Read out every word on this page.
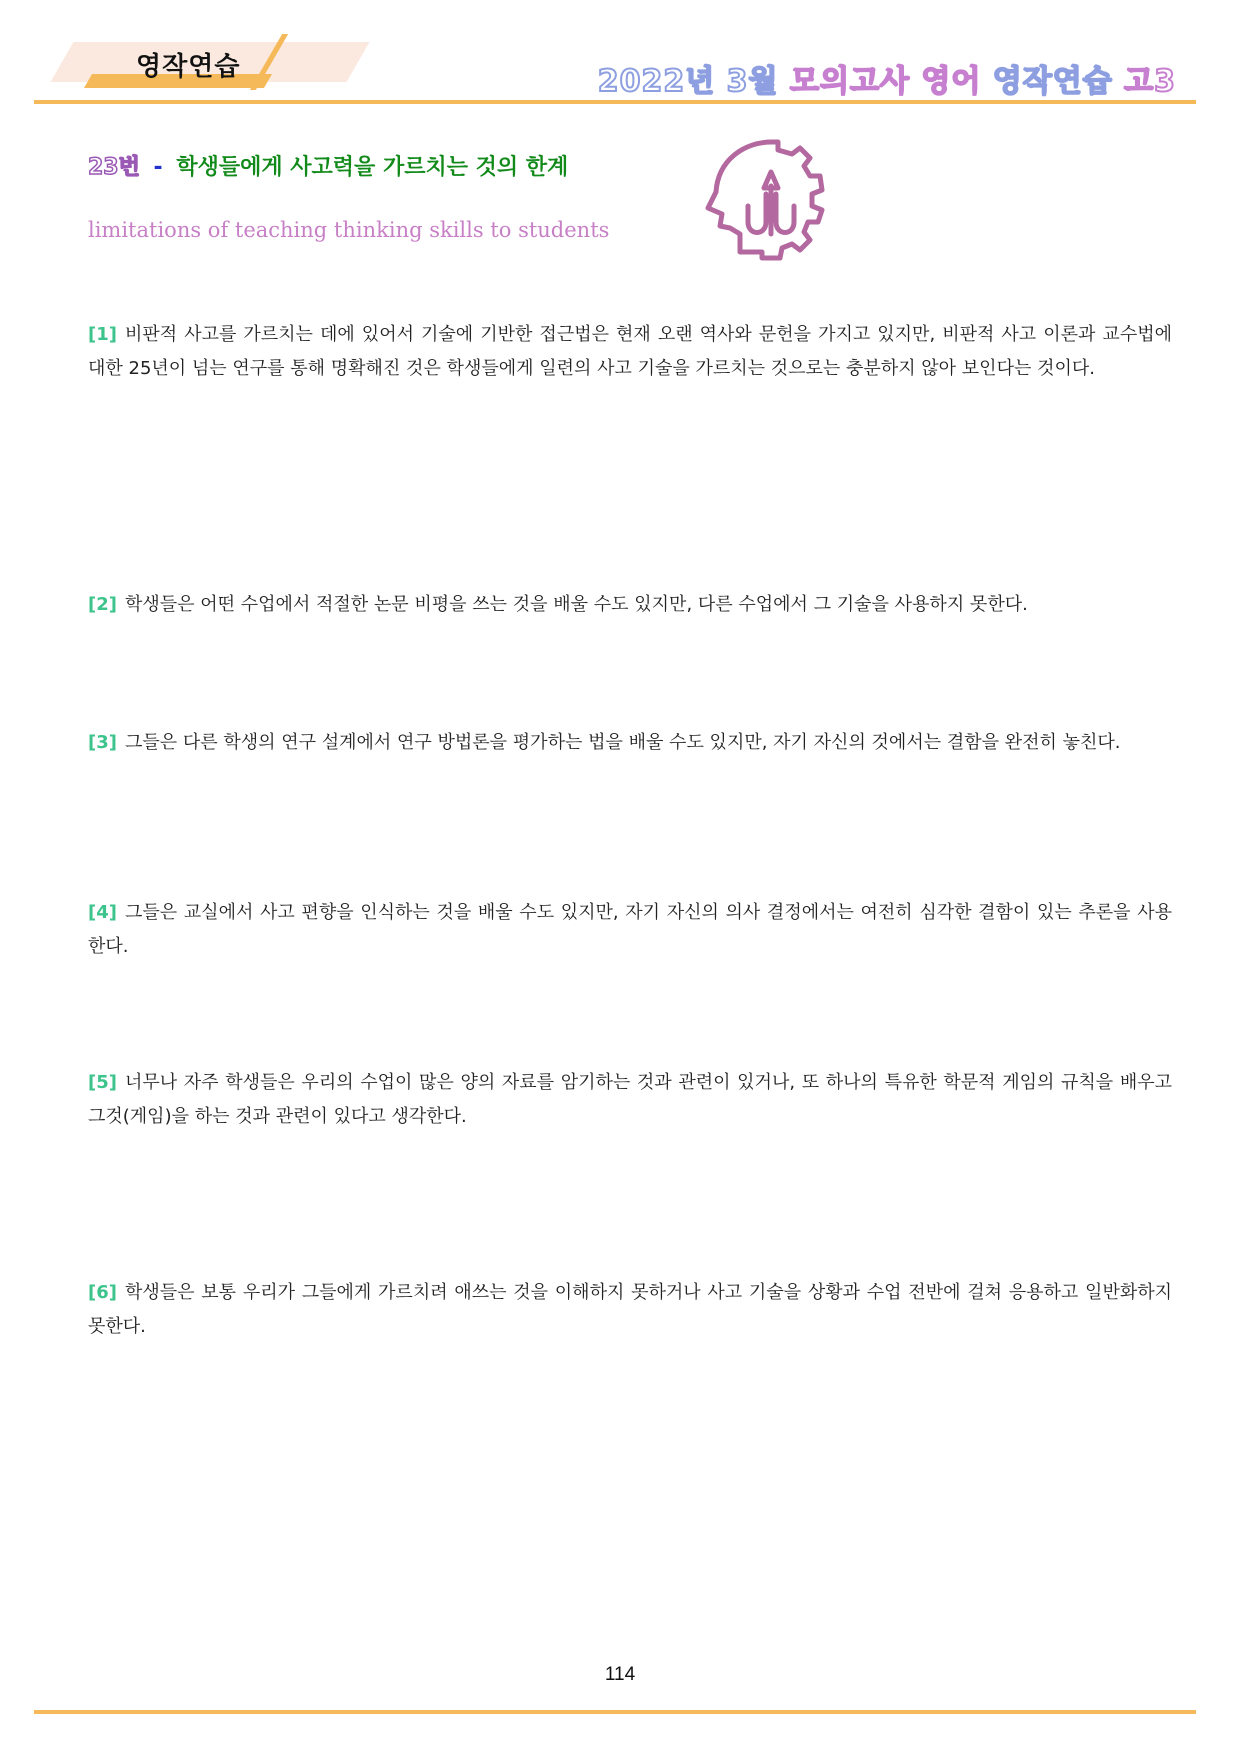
영작연습	2022년 3월 모의고사 영어 영작연습 고3
23번 - 학생들에게 사고력을 가르치는 것의 한계
limitations of teaching thinking skills to students
[1] 비판적 사고를 가르치는 데에 있어서 기술에 기반한 접근법은 현재 오랜 역사와 문헌을 가지고 있지만, 비판적 사고 이론과 교수법에 대한 25년이 넘는 연구를 통해 명확해진 것은 학생들에게 일련의 사고 기술을 가르치는 것으로는 충분하지 않아 보인다는 것이다.
[2] 학생들은 어떤 수업에서 적절한 논문 비평을 쓰는 것을 배울 수도 있지만, 다른 수업에서 그 기술을 사용하지 못한다.
[3] 그들은 다른 학생의 연구 설계에서 연구 방법론을 평가하는 법을 배울 수도 있지만, 자기 자신의 것에서는 결함을 완전히 놓친다.
[4] 그들은 교실에서 사고 편향을 인식하는 것을 배울 수도 있지만, 자기 자신의 의사 결정에서는 여전히 심각한 결함이 있는 추론을 사용한다.
[5] 너무나 자주 학생들은 우리의 수업이 많은 양의 자료를 암기하는 것과 관련이 있거나, 또 하나의 특유한 학문적 게임의 규칙을 배우고 그것(게임)을 하는 것과 관련이 있다고 생각한다.
[6] 학생들은 보통 우리가 그들에게 가르치려 애쓰는 것을 이해하지 못하거나 사고 기술을 상황과 수업 전반에 걸쳐 응용하고 일반화하지 못한다.
114
